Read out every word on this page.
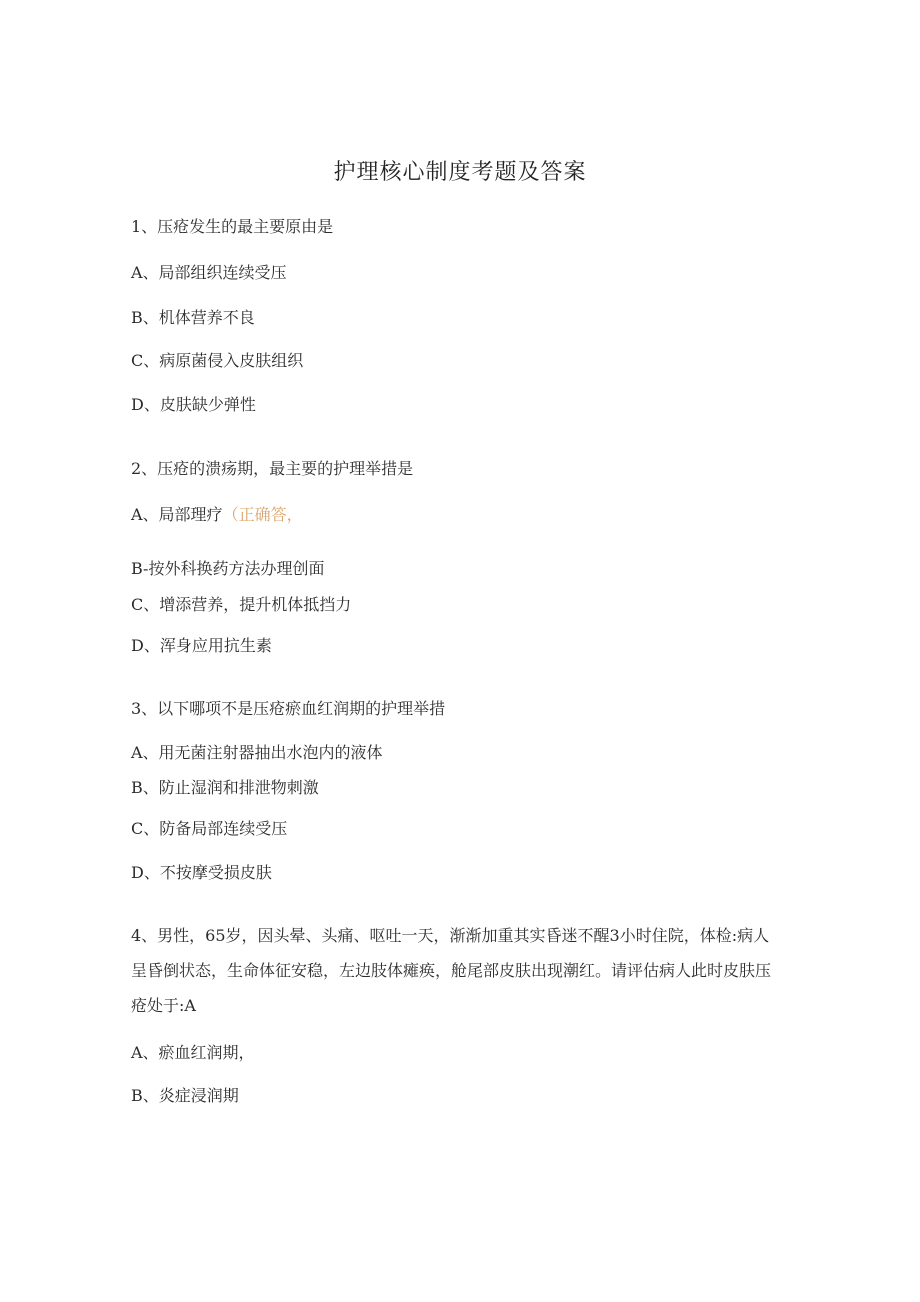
护理核心制度考题及答案
1、压疮发生的最主要原由是
A、局部组织连续受压
B、机体营养不良
C、病原菌侵入皮肤组织
D、皮肤缺少弹性
2、压疮的溃疡期，最主要的护理举措是
A、局部理疗（正确答，
B-按外科换药方法办理创面
C、增添营养，提升机体抵挡力
D、浑身应用抗生素
3、以下哪项不是压疮瘀血红润期的护理举措
A、用无菌注射器抽出水泡内的液体
B、防止湿润和排泄物刺激
C、防备局部连续受压
D、不按摩受损皮肤
4、男性，65岁，因头晕、头痛、呕吐一天，渐渐加重其实昏迷不醒3小时住院，体检:病人呈昏倒状态，生命体征安稳，左边肢体瘫痪，舱尾部皮肤出现潮红。请评估病人此时皮肤压疮处于:A
A、瘀血红润期，
B、炎症浸润期
